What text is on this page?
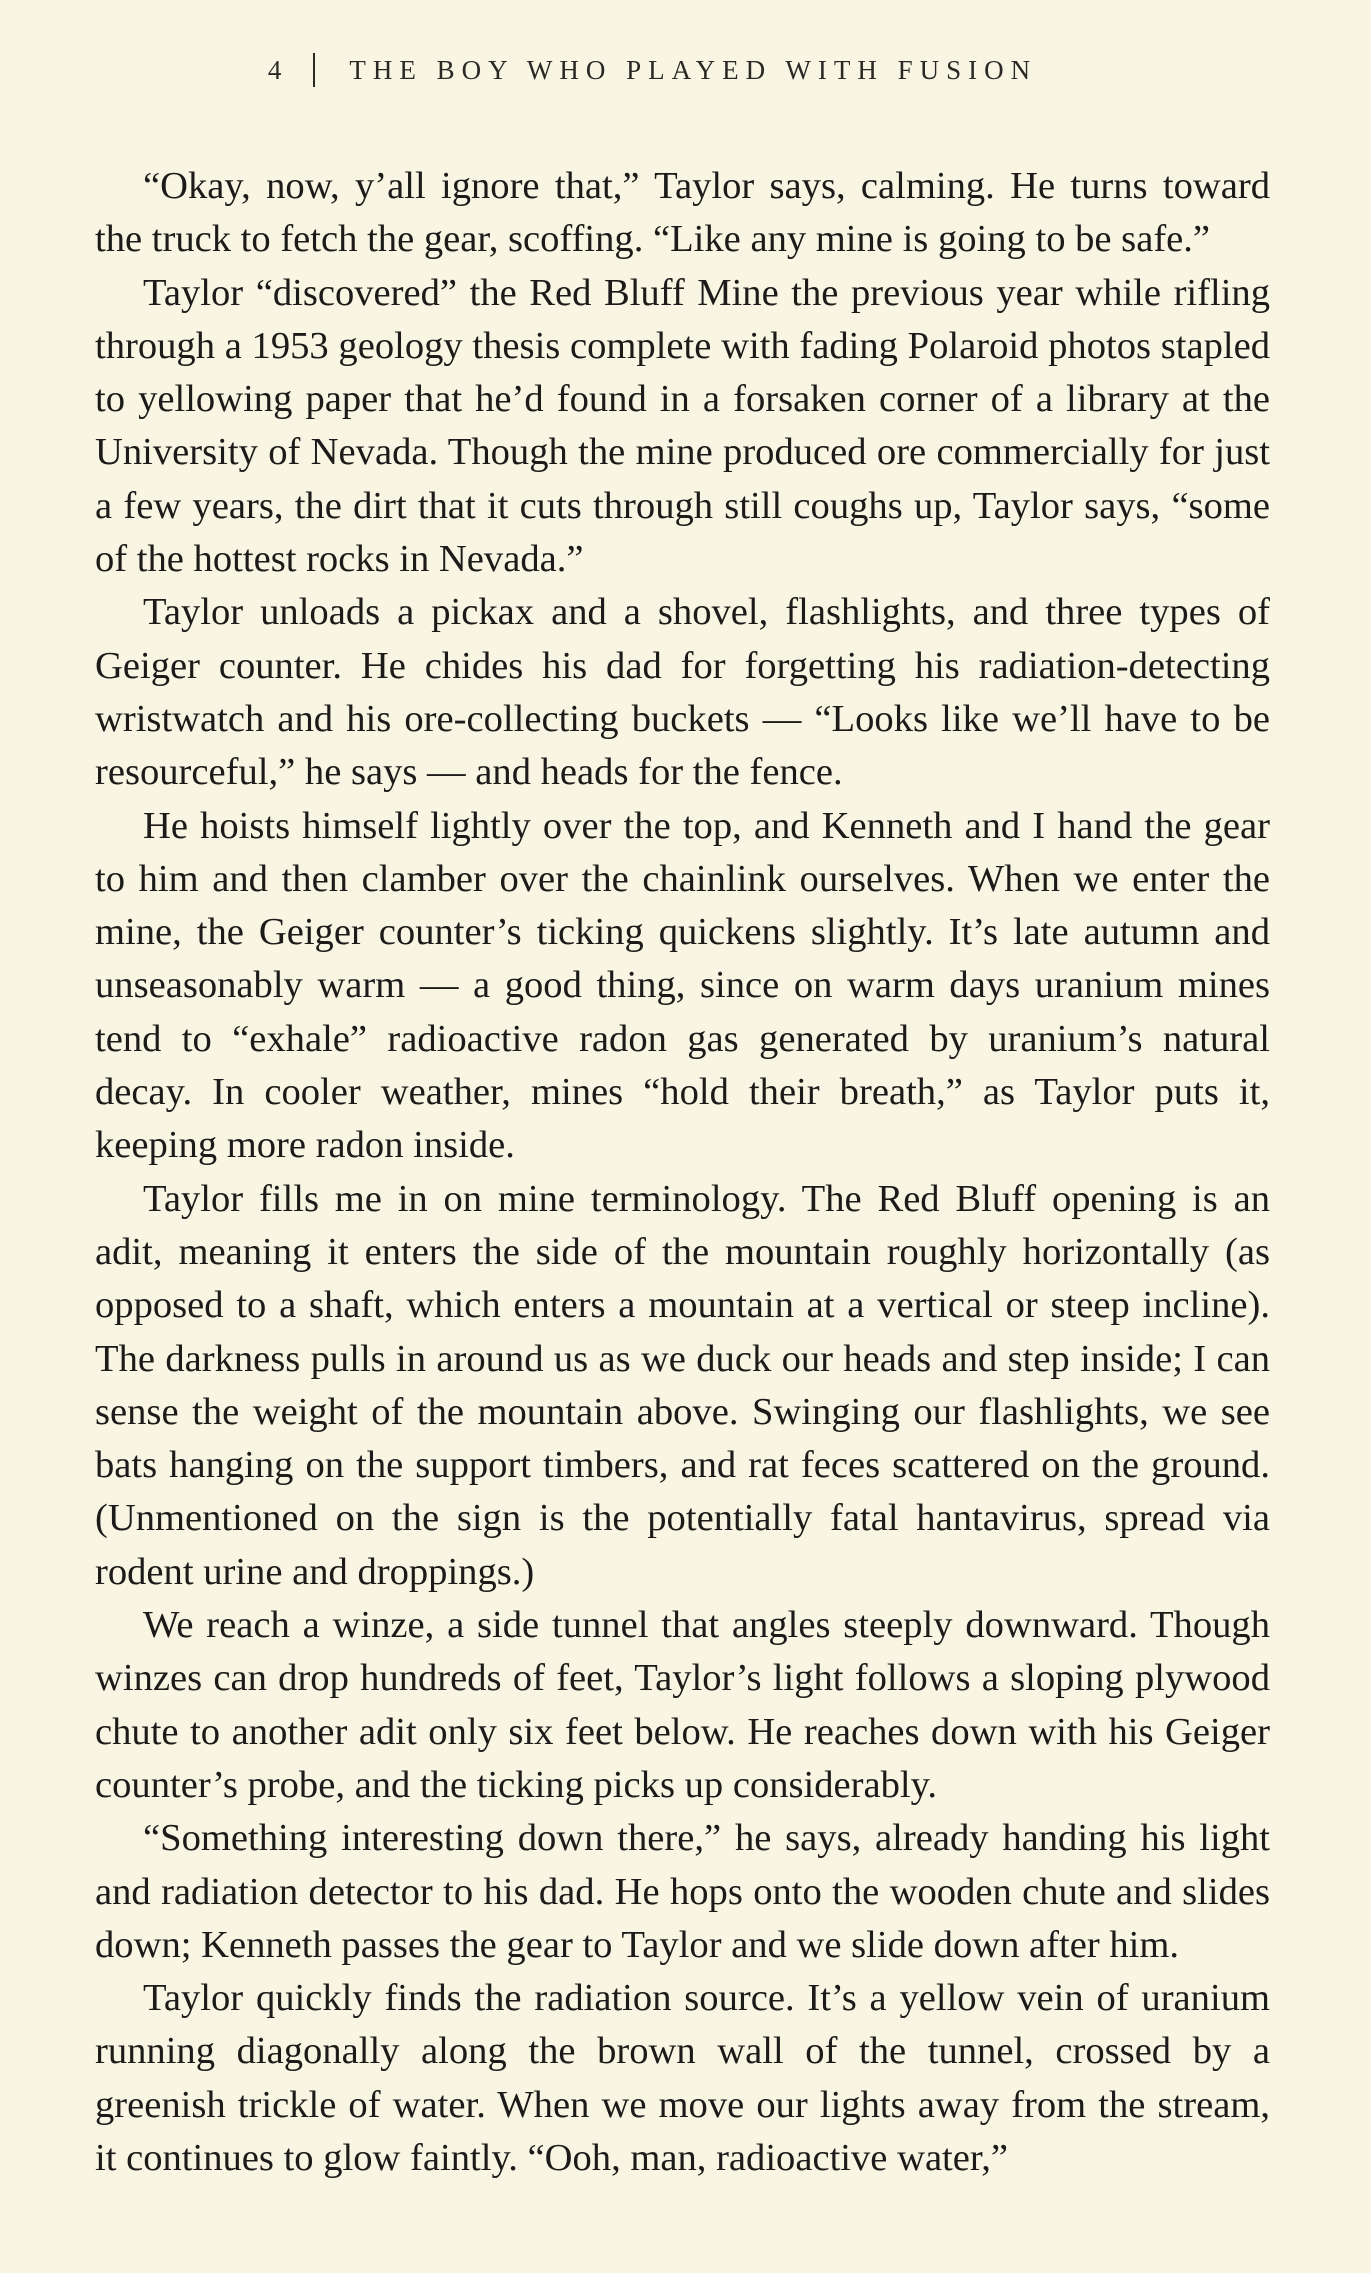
4 THE BOY WHO PLAYED WITH FUSION

“Okay, now, y’all ignore that,” Taylor says, calming. He turns toward the truck to fetch the gear, scoffing. “Like any mine is going to be safe.”

Taylor “discovered” the Red Bluff Mine the previous year while rifling through a 1953 geology thesis complete with fading Polaroid photos stapled to yellowing paper that he’d found in a forsaken corner of a library at the University of Nevada. Though the mine produced ore commercially for just a few years, the dirt that it cuts through still coughs up, Taylor says, “some of the hottest rocks in Nevada.”

Taylor unloads a pickax and a shovel, flashlights, and three types of Geiger counter. He chides his dad for forgetting his radiation-detecting wristwatch and his ore-collecting buckets — “Looks like we’ll have to be resourceful,” he says — and heads for the fence.

He hoists himself lightly over the top, and Kenneth and I hand the gear to him and then clamber over the chainlink ourselves. When we enter the mine, the Geiger counter’s ticking quickens slightly. It’s late autumn and unseasonably warm — a good thing, since on warm days uranium mines tend to “exhale” radioactive radon gas generated by uranium’s natural decay. In cooler weather, mines “hold their breath,” as Taylor puts it, keeping more radon inside.

Taylor fills me in on mine terminology. The Red Bluff opening is an adit, meaning it enters the side of the mountain roughly horizontally (as opposed to a shaft, which enters a mountain at a vertical or steep incline). The darkness pulls in around us as we duck our heads and step inside; I can sense the weight of the mountain above. Swinging our flashlights, we see bats hanging on the support timbers, and rat feces scattered on the ground. (Unmentioned on the sign is the potentially fatal hantavirus, spread via rodent urine and droppings.)

We reach a winze, a side tunnel that angles steeply downward. Though winzes can drop hundreds of feet, Taylor’s light follows a sloping plywood chute to another adit only six feet below. He reaches down with his Geiger counter’s probe, and the ticking picks up considerably.

“Something interesting down there,” he says, already handing his light and radiation detector to his dad. He hops onto the wooden chute and slides down; Kenneth passes the gear to Taylor and we slide down after him.

Taylor quickly finds the radiation source. It’s a yellow vein of uranium running diagonally along the brown wall of the tunnel, crossed by a greenish trickle of water. When we move our lights away from the stream, it continues to glow faintly. “Ooh, man, radioactive water,”
